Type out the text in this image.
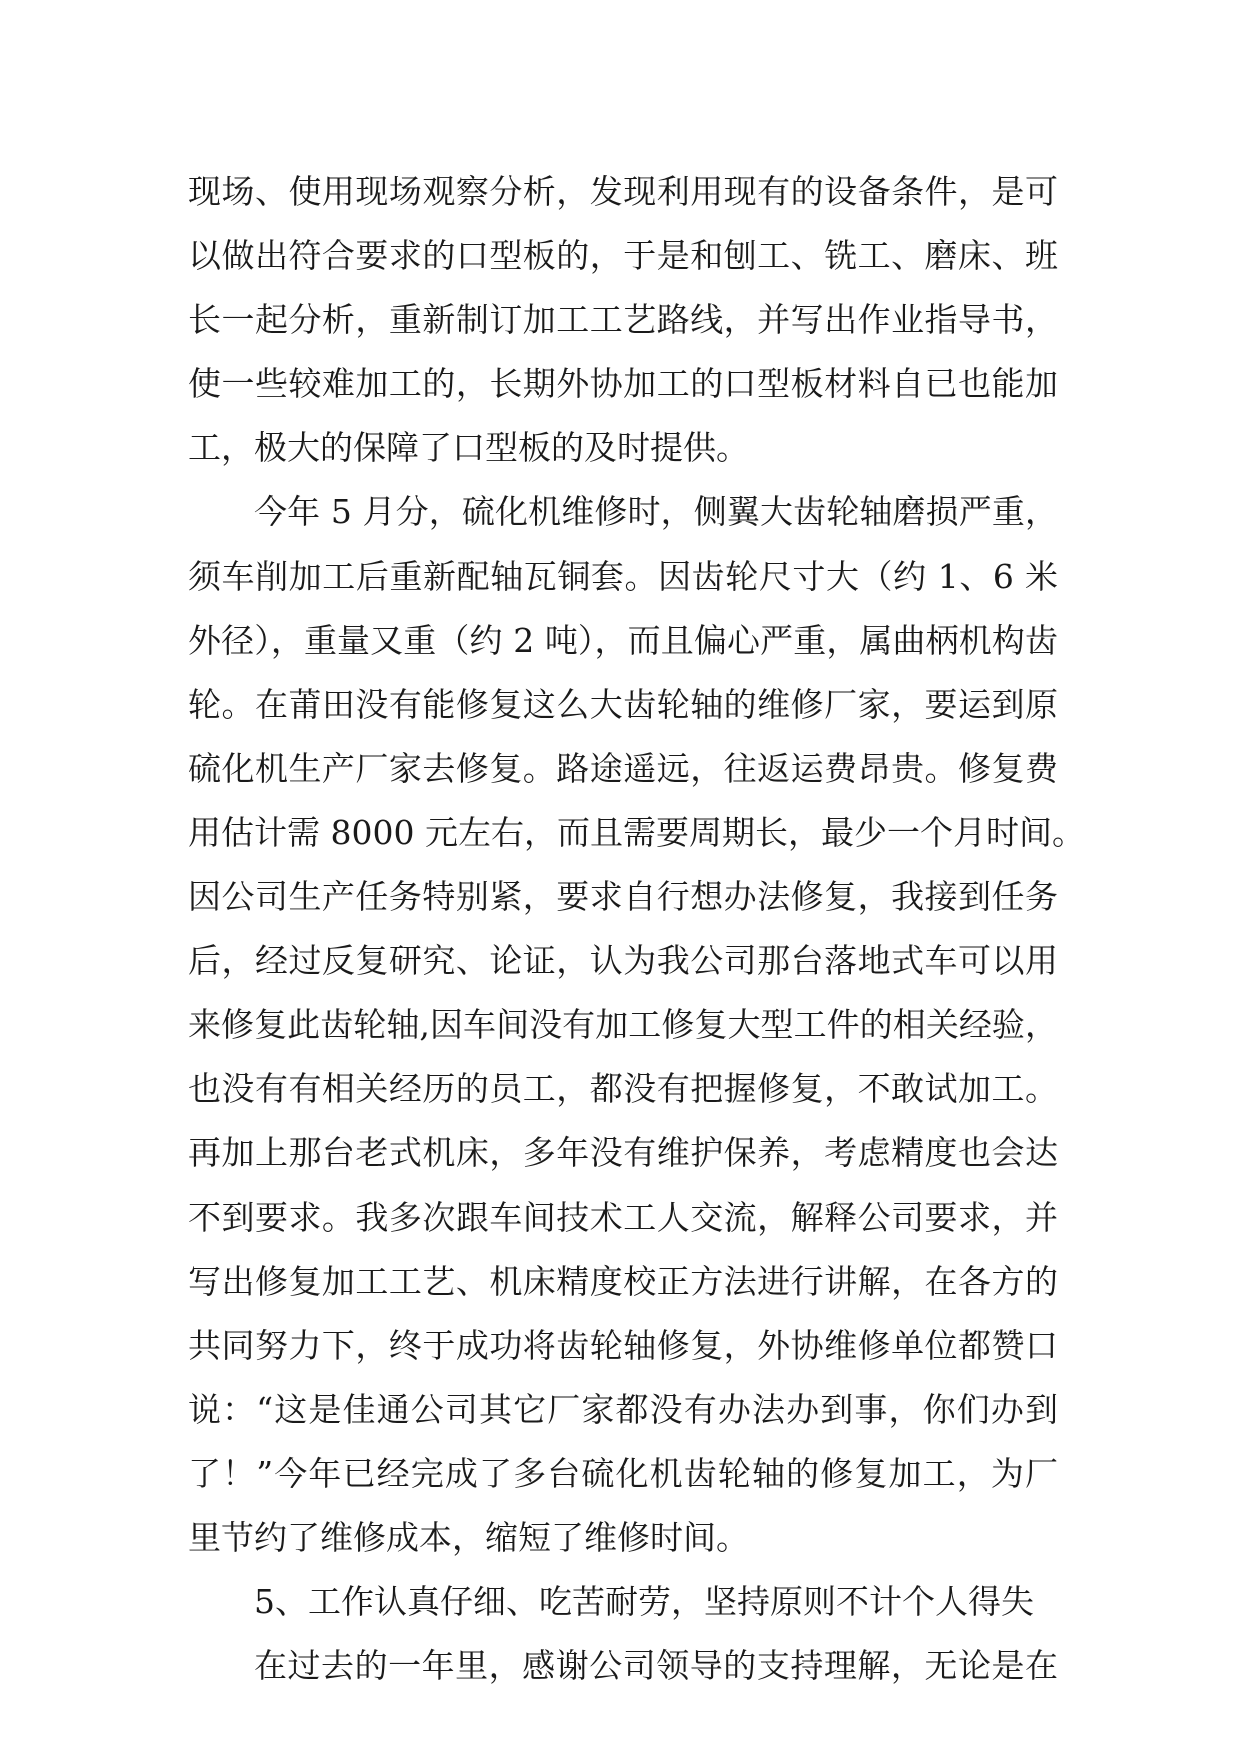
现场、使用现场观察分析，发现利用现有的设备条件，是可
以做出符合要求的口型板的，于是和刨工、铣工、磨床、班
长一起分析，重新制订加工工艺路线，并写出作业指导书，
使一些较难加工的，长期外协加工的口型板材料自已也能加
工，极大的保障了口型板的及时提供。
今年 5 月分，硫化机维修时，侧翼大齿轮轴磨损严重，
须车削加工后重新配轴瓦铜套。因齿轮尺寸大（约 1、6 米
外径），重量又重（约 2 吨），而且偏心严重，属曲柄机构齿
轮。在莆田没有能修复这么大齿轮轴的维修厂家，要运到原
硫化机生产厂家去修复。路途遥远，往返运费昂贵。修复费
用估计需 8000 元左右，而且需要周期长，最少一个月时间。
因公司生产任务特别紧，要求自行想办法修复，我接到任务
后，经过反复研究、论证，认为我公司那台落地式车可以用
来修复此齿轮轴,因车间没有加工修复大型工件的相关经验，
也没有有相关经历的员工，都没有把握修复，不敢试加工。
再加上那台老式机床，多年没有维护保养，考虑精度也会达
不到要求。我多次跟车间技术工人交流，解释公司要求，并
写出修复加工工艺、机床精度校正方法进行讲解，在各方的
共同努力下，终于成功将齿轮轴修复，外协维修单位都赞口
说：“这是佳通公司其它厂家都没有办法办到事，你们办到
了！”今年已经完成了多台硫化机齿轮轴的修复加工，为厂
里节约了维修成本，缩短了维修时间。
5、工作认真仔细、吃苦耐劳，坚持原则不计个人得失
在过去的一年里，感谢公司领导的支持理解，无论是在
